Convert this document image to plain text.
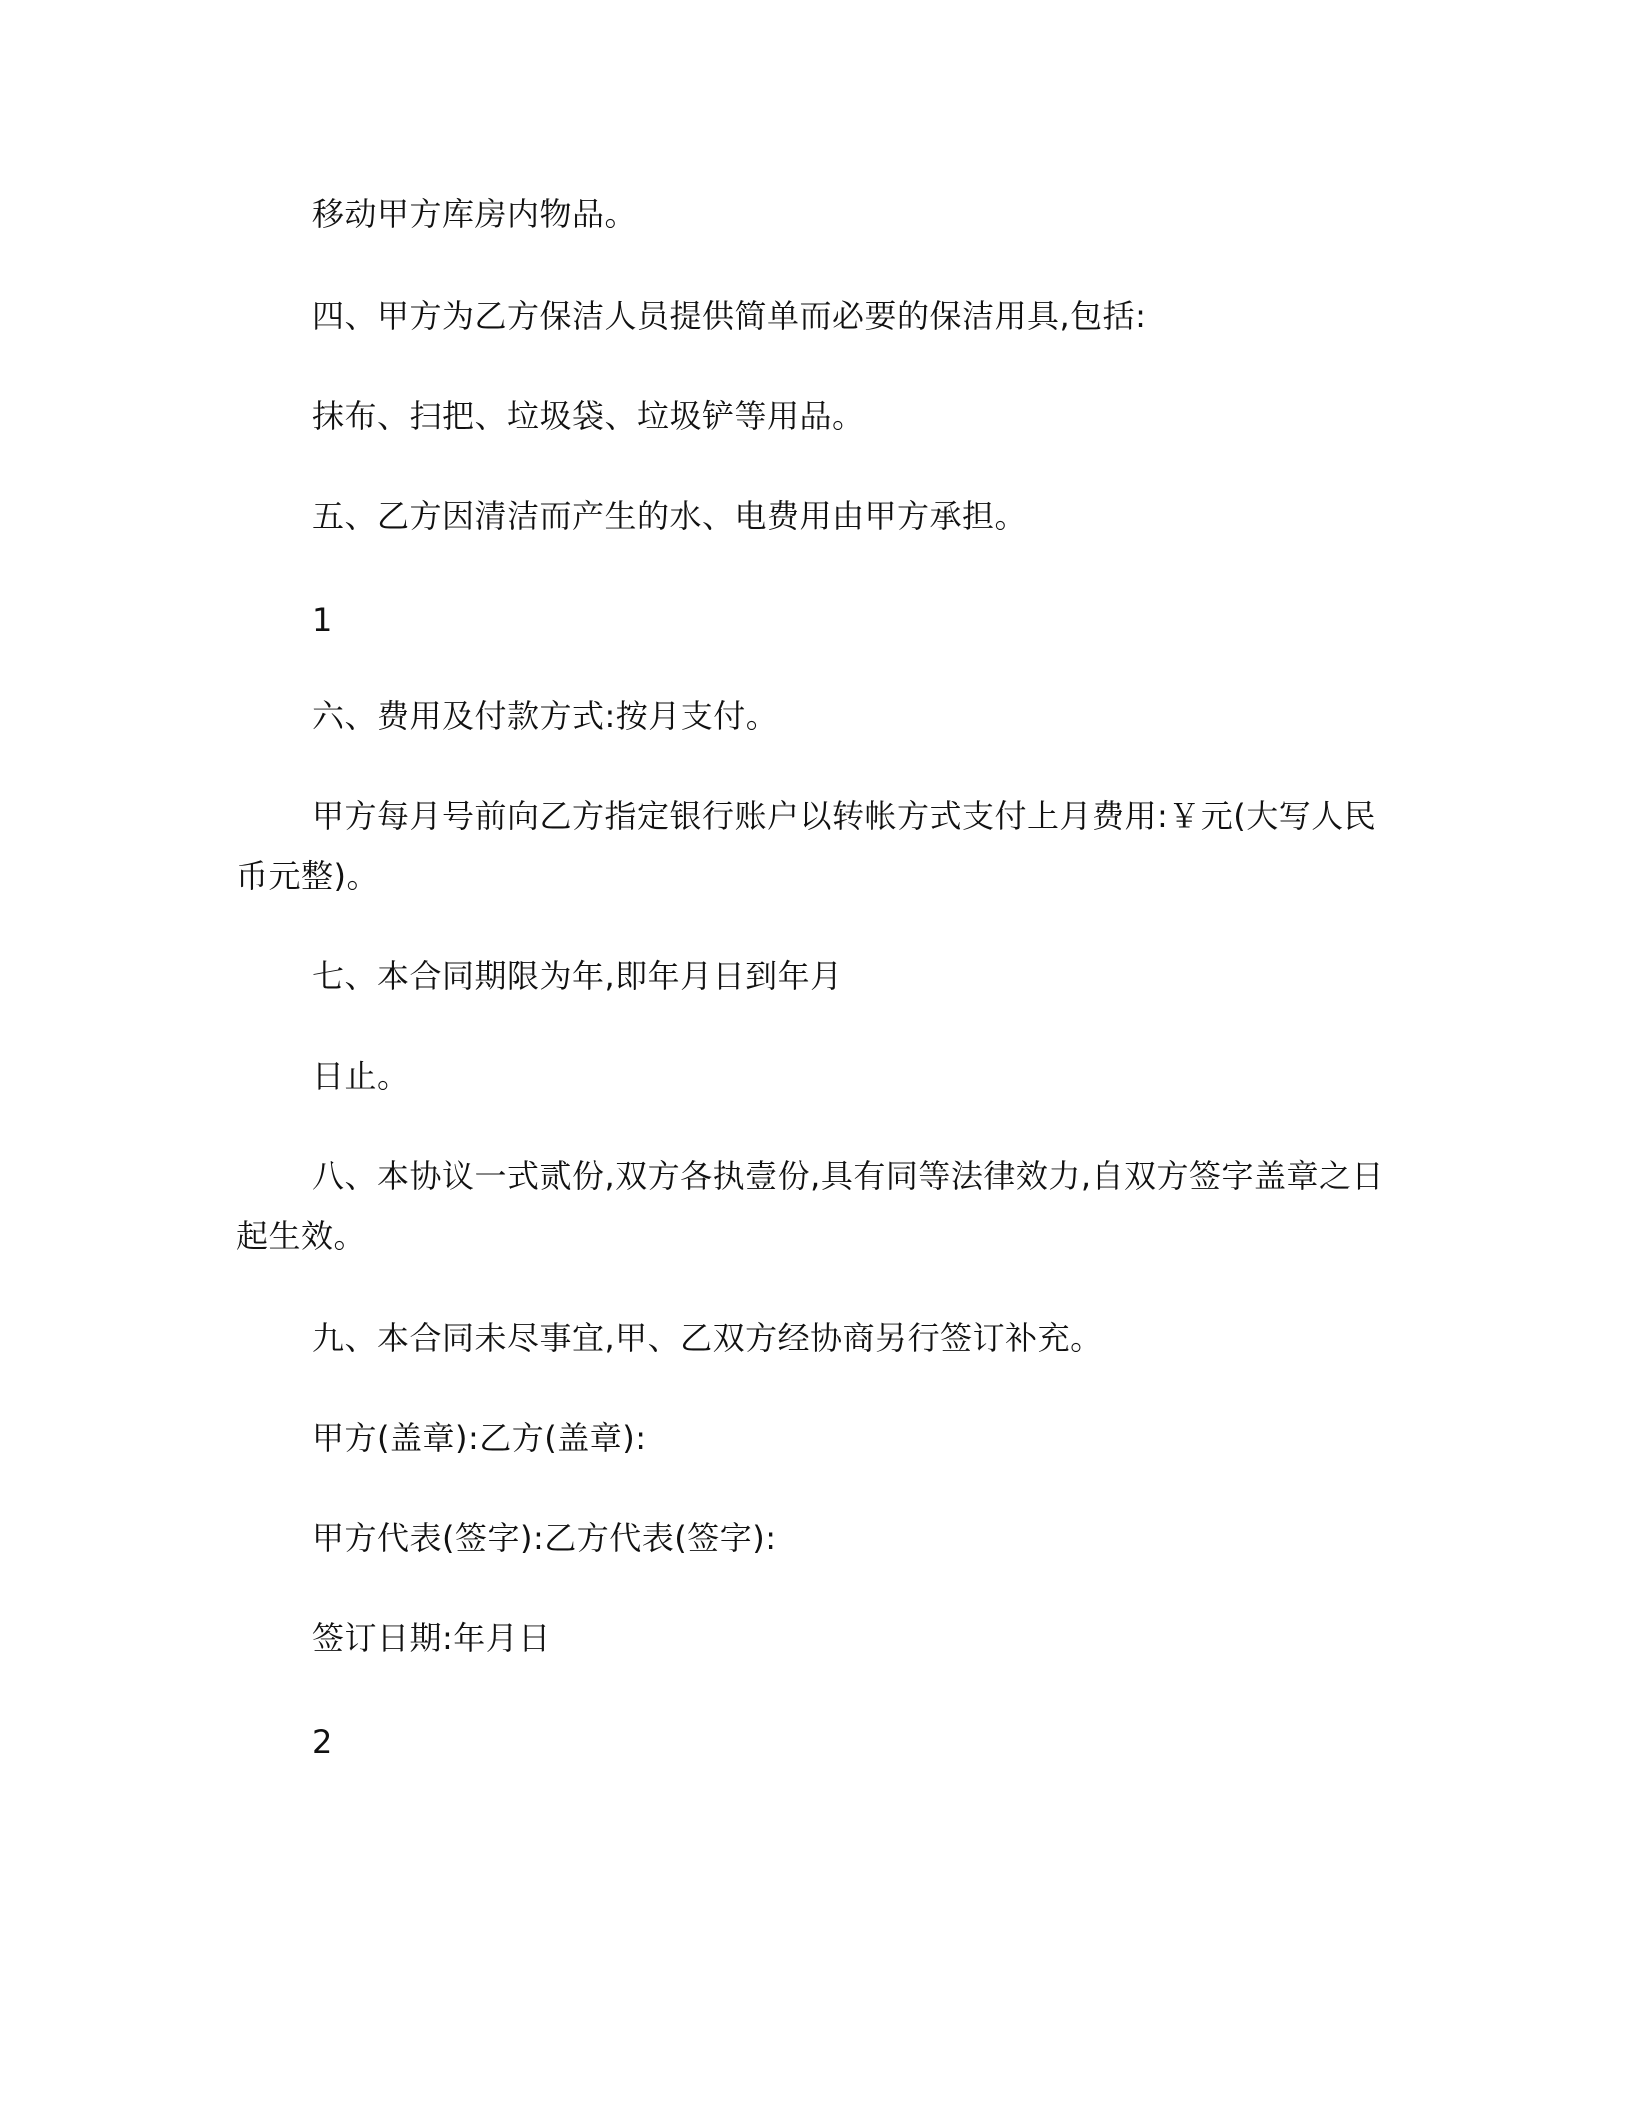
移动甲方库房内物品。
四、甲方为乙方保洁人员提供简单而必要的保洁用具,包括:
抹布、扫把、垃圾袋、垃圾铲等用品。
五、乙方因清洁而产生的水、电费用由甲方承担。
1
六、费用及付款方式:按月支付。
甲方每月号前向乙方指定银行账户以转帐方式支付上月费用:￥元(大写人民
币元整)。
七、本合同期限为年,即年月日到年月
日止。
八、本协议一式贰份,双方各执壹份,具有同等法律效力,自双方签字盖章之日
起生效。
九、本合同未尽事宜,甲、乙双方经协商另行签订补充。
甲方(盖章):乙方(盖章):
甲方代表(签字):乙方代表(签字):
签订日期:年月日
2
